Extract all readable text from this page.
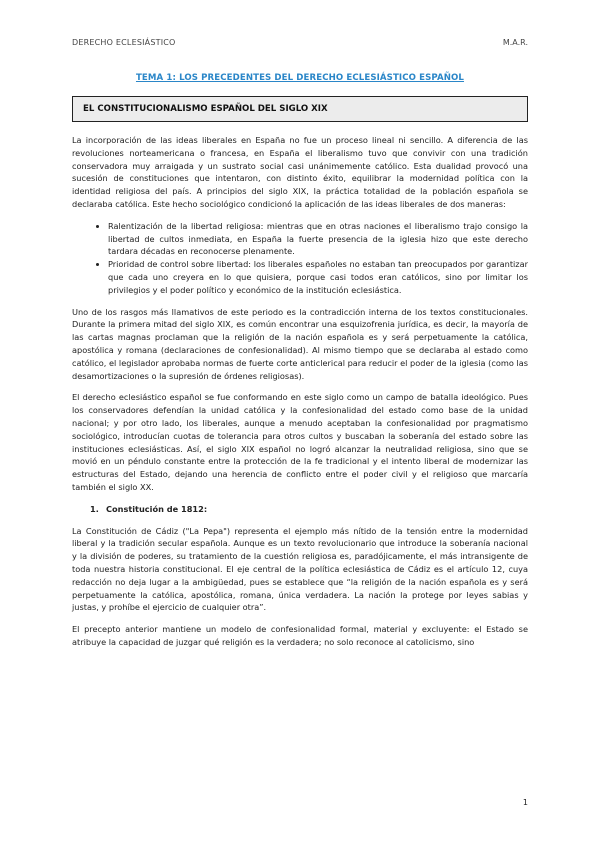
DERECHO ECLESIÁSTICO	M.A.R.
TEMA 1: LOS PRECEDENTES DEL DERECHO ECLESIÁSTICO ESPAÑOL
EL CONSTITUCIONALISMO ESPAÑOL DEL SIGLO XIX

La incorporación de las ideas liberales en España no fue un proceso lineal ni sencillo. A diferencia de las revoluciones norteamericana o francesa, en España el liberalismo tuvo que convivir con una tradición conservadora muy arraigada y un sustrato social casi unánimemente católico. Esta dualidad provocó una sucesión de constituciones que intentaron, con distinto éxito, equilibrar la modernidad política con la identidad religiosa del país. A principios del siglo XIX, la práctica totalidad de la población española se declaraba católica. Este hecho sociológico condicionó la aplicación de las ideas liberales de dos maneras:

• Ralentización de la libertad religiosa: mientras que en otras naciones el liberalismo trajo consigo la libertad de cultos inmediata, en España la fuerte presencia de la iglesia hizo que este derecho tardara décadas en reconocerse plenamente.
• Prioridad de control sobre libertad: los liberales españoles no estaban tan preocupados por garantizar que cada uno creyera en lo que quisiera, porque casi todos eran católicos, sino por limitar los privilegios y el poder político y económico de la institución eclesiástica.

Uno de los rasgos más llamativos de este periodo es la contradicción interna de los textos constitucionales. Durante la primera mitad del siglo XIX, es común encontrar una esquizofrenia jurídica, es decir, la mayoría de las cartas magnas proclaman que la religión de la nación española es y será perpetuamente la católica, apostólica y romana (declaraciones de confesionalidad). Al mismo tiempo que se declaraba al estado como católico, el legislador aprobaba normas de fuerte corte anticlerical para reducir el poder de la iglesia (como las desamortizaciones o la supresión de órdenes religiosas).

El derecho eclesiástico español se fue conformando en este siglo como un campo de batalla ideológico. Pues los conservadores defendían la unidad católica y la confesionalidad del estado como base de la unidad nacional; y por otro lado, los liberales, aunque a menudo aceptaban la confesionalidad por pragmatismo sociológico, introducían cuotas de tolerancia para otros cultos y buscaban la soberanía del estado sobre las instituciones eclesiásticas. Así, el siglo XIX español no logró alcanzar la neutralidad religiosa, sino que se movió en un péndulo constante entre la protección de la fe tradicional y el intento liberal de modernizar las estructuras del Estado, dejando una herencia de conflicto entre el poder civil y el religioso que marcaría también el siglo XX.

1. Constitución de 1812:

La Constitución de Cádiz ("La Pepa") representa el ejemplo más nítido de la tensión entre la modernidad liberal y la tradición secular española. Aunque es un texto revolucionario que introduce la soberanía nacional y la división de poderes, su tratamiento de la cuestión religiosa es, paradójicamente, el más intransigente de toda nuestra historia constitucional. El eje central de la política eclesiástica de Cádiz es el artículo 12, cuya redacción no deja lugar a la ambigüedad, pues se establece que “la religión de la nación española es y será perpetuamente la católica, apostólica, romana, única verdadera. La nación la protege por leyes sabias y justas, y prohíbe el ejercicio de cualquier otra”.

El precepto anterior mantiene un modelo de confesionalidad formal, material y excluyente: el Estado se atribuye la capacidad de juzgar qué religión es la verdadera; no solo reconoce al catolicismo, sino

1
